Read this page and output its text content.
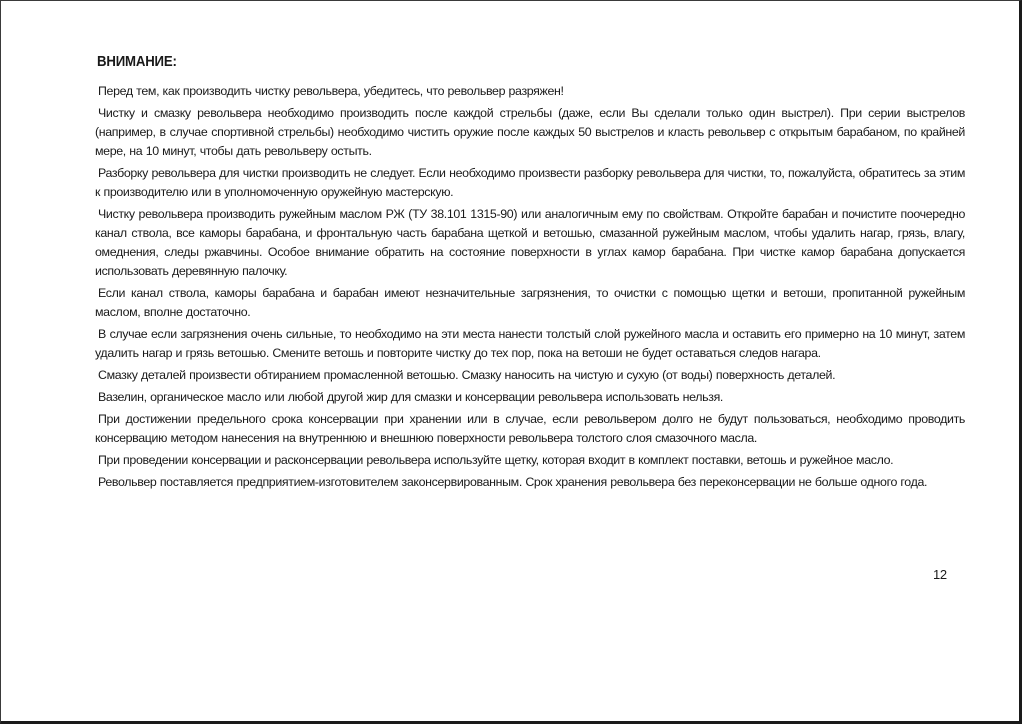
ВНИМАНИЕ:

Перед тем, как производить чистку револьвера, убедитесь, что револьвер разряжен!

Чистку и смазку револьвера необходимо производить после каждой стрельбы (даже, если Вы сделали только один выстрел). При серии выстрелов (например, в случае спортивной стрельбы) необходимо чистить оружие после каждых 50 выстрелов и класть револьвер с открытым барабаном, по крайней мере, на 10 минут, чтобы дать револьверу остыть.

Разборку револьвера для чистки производить не следует. Если необходимо произвести разборку револьвера для чистки, то, пожалуйста, обратитесь за этим к производителю или в уполномоченную оружейную мастерскую.

Чистку револьвера производить ружейным маслом РЖ (ТУ 38.101 1315-90) или аналогичным ему по свойствам. Откройте барабан и почистите поочередно канал ствола, все каморы барабана, и фронтальную часть барабана щеткой и ветошью, смазанной ружейным маслом, чтобы удалить нагар, грязь, влагу, омеднения, следы ржавчины. Особое внимание обратить на состояние поверхности в углах камор барабана. При чистке камор барабана допускается использовать деревянную палочку.

Если канал ствола, каморы барабана и барабан имеют незначительные загрязнения, то очистки с помощью щетки и ветоши, пропитанной ружейным маслом, вполне достаточно.

В случае если загрязнения очень сильные, то необходимо на эти места нанести толстый слой ружейного масла и оставить его примерно на 10 минут, затем удалить нагар и грязь ветошью. Смените ветошь и повторите чистку до тех пор, пока на ветоши не будет оставаться следов нагара.

Смазку деталей произвести обтиранием промасленной ветошью. Смазку наносить на чистую и сухую (от воды) поверхность деталей.

Вазелин, органическое масло или любой другой жир для смазки и консервации револьвера использовать нельзя.

При достижении предельного срока консервации при хранении или в случае, если револьвером долго не будут пользоваться, необходимо проводить консервацию методом нанесения на внутреннюю и внешнюю поверхности револьвера толстого слоя смазочного масла.

При проведении консервации и расконсервации револьвера используйте щетку, которая входит в комплект поставки, ветошь и ружейное масло.

Револьвер поставляется предприятием-изготовителем законсервированным. Срок хранения револьвера без переконсервации не больше одного года.

12
